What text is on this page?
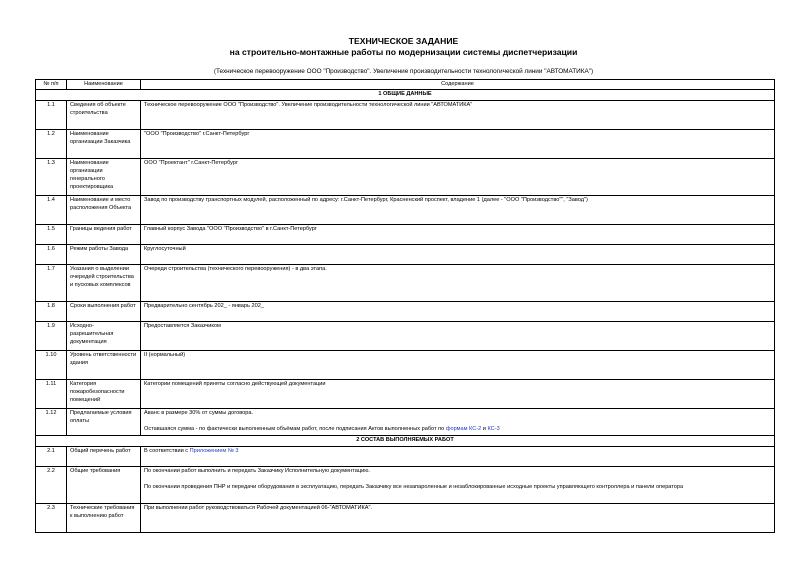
ТЕХНИЧЕСКОЕ ЗАДАНИЕ
на строительно-монтажные работы по модернизации системы диспетчеризации
(Техническое перевооружение ООО "Производство". Увеличение производительности технологической линии "АВТОМАТИКА")
№ п/п	Наименование	Содержание
1 ОБЩИЕ ДАННЫЕ		
1.1	Сведения об объекте строительства	Техническое перевооружение ООО "Производство". Увеличение производительности технологической линии "АВТОМАТИКА"
1.2	Наименование организации Заказчика	"ООО "Производство" г.Санкт-Петербург
1.3	Наименование организации генерального проектировщика	ООО "Проектант" г.Санкт-Петербург
1.4	Наименование и место расположения Объекта	Завод по производству транспортных модулей, расположенный по адресу: г.Санкт-Петербург, Красненский проспект, владение 1 (далее - "ООО "Производство"", "Завод")
1.5	Границы ведения работ	Главный корпус Завода "ООО "Производство" в г.Санкт-Петербург
1.6	Режим работы Завода	Круглосуточный
1.7	Указания о выделении очередей строительства и пусковых комплексов	Очереди строительства (технического перевооружения) - в два этапа.
1.8	Сроки выполнения работ	Предварительно сентябрь 202_ - январь 202_
1.9	Исходно-разрешительная документация	Предоставляется Заказчиком
1.10	Уровень ответственности здания	II (нормальный)
1.11	Категория пожаробезопасности помещений	Категории помещений приняты согласно действующей документации
1.12	Предлагаемые условия оплаты	Аванс в размере 30% от суммы договора.
Оставшаяся сумма - по фактически выполненным объёмам работ, после подписания Актов выполненных работ по формам КС-2 и КС-3

2 СОСТАВ ВЫПОЛНЯЕМЫХ РАБОТ		
2.1	Общий перечень работ	В соответствии с Приложением № 3
2.2	Общие требования	По окончании работ выполнить и передать Заказчику Исполнительную документацию.
По окончании проведения ПНР и передачи оборудования в эксплуатацию, передать Заказчику все незапароленные и незаблокированные исходные проекты управляющего контроллера и панели оператора

2.3	Технические требования к выполнению работ	При выполнении работ руководствоваться Рабочей документацией 06-"АВТОМАТИКА".
